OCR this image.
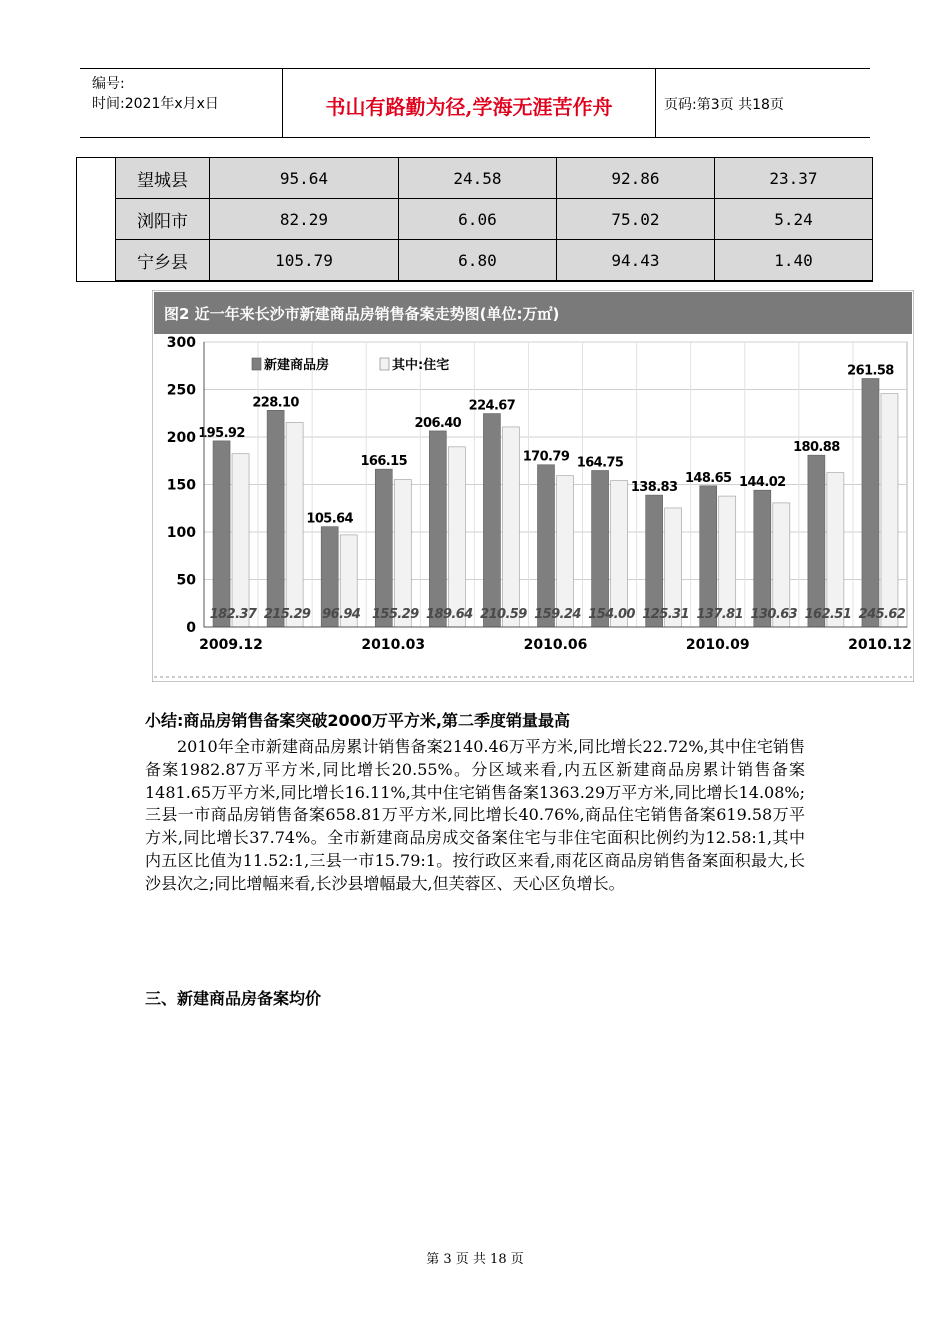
编号:
时间:2021年x月x日	书山有路勤为径,学海无涯苦作舟	页码:第3页 共18页
	望城县	95.64	24.58	92.86	23.37
	浏阳市	82.29	6.06	75.02	5.24
	宁乡县	105.79	6.80	94.43	1.40
图2 近一年来长沙市新建商品房销售备案走势图(单位:万㎡)
195.92
182.37
228.10
215.29
105.64
96.94
166.15
155.29
206.40
189.64
224.67
210.59
170.79
159.24
164.75
154.00
138.83
125.31
148.65
137.81
144.02
130.63
180.88
162.51
261.58
245.62
0
50
100
150
200
250
300
2009.12	2010.03	2010.06	2010.09	2010.12
新建商品房	其中:住宅
小结:商品房销售备案突破2000万平方米,第二季度销量最高

2010年全市新建商品房累计销售备案2140.46万平方米,同比增长22.72%,其中住宅销售备案1982.87万平方米,同比增长20.55%。分区域来看,内五区新建商品房累计销售备案1481.65万平方米,同比增长16.11%,其中住宅销售备案1363.29万平方米,同比增长14.08%;三县一市商品房销售备案658.81万平方米,同比增长40.76%,商品住宅销售备案619.58万平方米,同比增长37.74%。全市新建商品房成交备案住宅与非住宅面积比例约为12.58:1,其中内五区比值为11.52:1,三县一市15.79:1。按行政区来看,雨花区商品房销售备案面积最大,长沙县次之;同比增幅来看,长沙县增幅最大,但芙蓉区、天心区负增长。

三、新建商品房备案均价
第 3 页 共 18 页
